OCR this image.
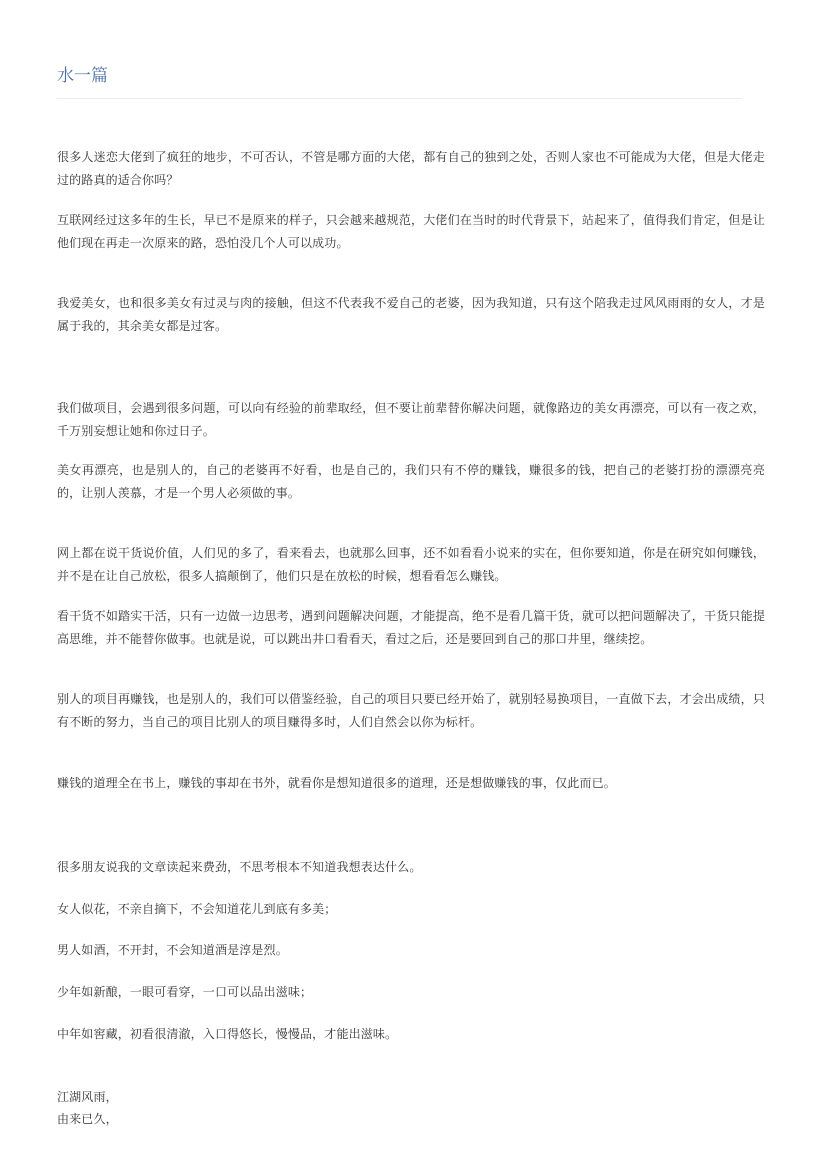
水一篇

很多人迷恋大佬到了疯狂的地步，不可否认，不管是哪方面的大佬，都有自己的独到之处，否则人家也不可能成为大佬，但是大佬走过的路真的适合你吗？

互联网经过这多年的生长，早已不是原来的样子，只会越来越规范，大佬们在当时的时代背景下，站起来了，值得我们肯定，但是让他们现在再走一次原来的路，恐怕没几个人可以成功。

我爱美女，也和很多美女有过灵与肉的接触，但这不代表我不爱自己的老婆，因为我知道，只有这个陪我走过风风雨雨的女人，才是属于我的，其余美女都是过客。

我们做项目，会遇到很多问题，可以向有经验的前辈取经，但不要让前辈替你解决问题，就像路边的美女再漂亮，可以有一夜之欢，千万别妄想让她和你过日子。

美女再漂亮，也是别人的，自己的老婆再不好看，也是自己的，我们只有不停的赚钱，赚很多的钱，把自己的老婆打扮的漂漂亮亮的，让别人羡慕，才是一个男人必须做的事。

网上都在说干货说价值，人们见的多了，看来看去，也就那么回事，还不如看看小说来的实在，但你要知道，你是在研究如何赚钱，并不是在让自己放松，很多人搞颠倒了，他们只是在放松的时候，想看看怎么赚钱。

看干货不如踏实干活，只有一边做一边思考，遇到问题解决问题，才能提高，绝不是看几篇干货，就可以把问题解决了，干货只能提高思维，并不能替你做事。也就是说，可以跳出井口看看天，看过之后，还是要回到自己的那口井里，继续挖。

别人的项目再赚钱，也是别人的，我们可以借鉴经验，自己的项目只要已经开始了，就别轻易换项目，一直做下去，才会出成绩，只有不断的努力，当自己的项目比别人的项目赚得多时，人们自然会以你为标杆。

赚钱的道理全在书上，赚钱的事却在书外，就看你是想知道很多的道理，还是想做赚钱的事，仅此而已。

很多朋友说我的文章读起来费劲，不思考根本不知道我想表达什么。

女人似花，不亲自摘下，不会知道花儿到底有多美；

男人如酒，不开封，不会知道酒是淳是烈。

少年如新酿，一眼可看穿，一口可以品出滋味；

中年如窖藏，初看很清澈，入口得悠长，慢慢品，才能出滋味。

江湖风雨，

由来已久，
